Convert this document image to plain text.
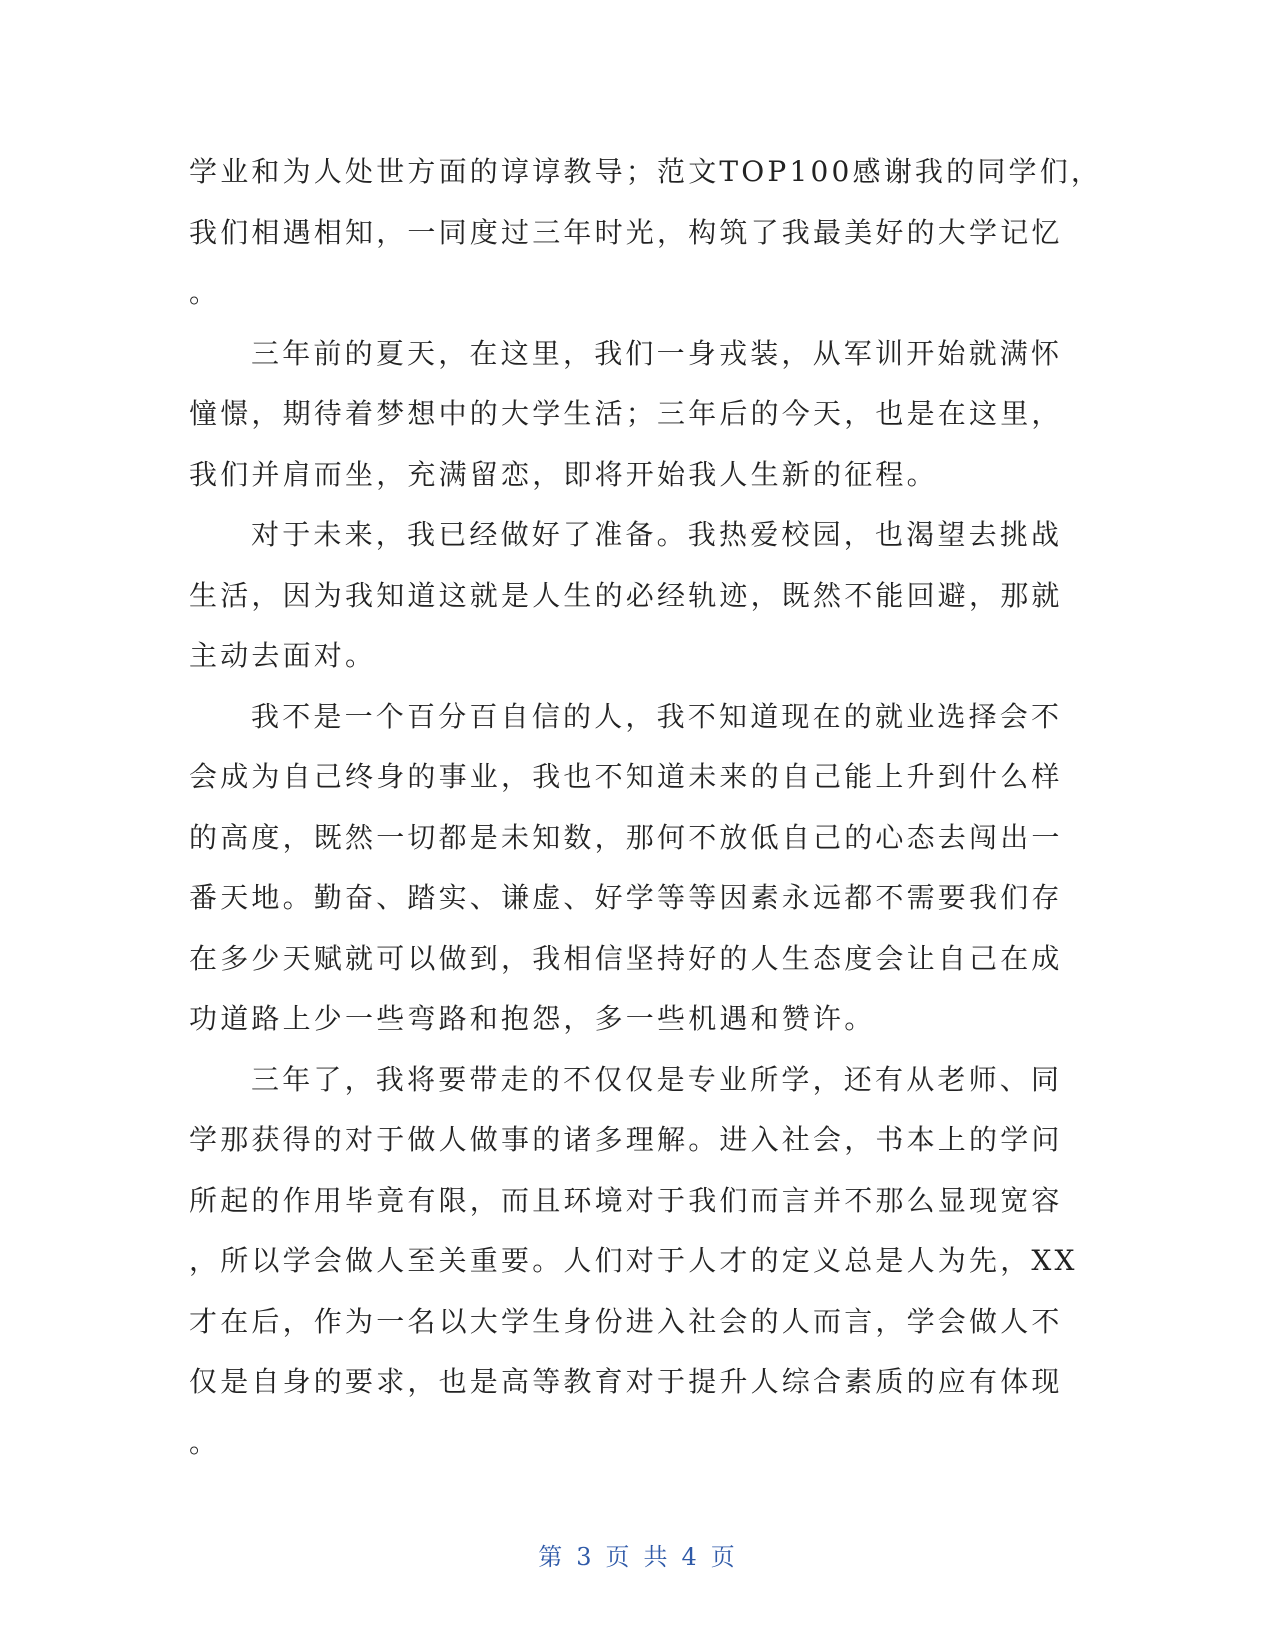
学业和为人处世方面的谆谆教导；范文TOP100感谢我的同学们，
我们相遇相知，一同度过三年时光，构筑了我最美好的大学记忆
。
三年前的夏天，在这里，我们一身戎装，从军训开始就满怀
憧憬，期待着梦想中的大学生活；三年后的今天，也是在这里，
我们并肩而坐，充满留恋，即将开始我人生新的征程。
对于未来，我已经做好了准备。我热爱校园，也渴望去挑战
生活，因为我知道这就是人生的必经轨迹，既然不能回避，那就
主动去面对。
我不是一个百分百自信的人，我不知道现在的就业选择会不
会成为自己终身的事业，我也不知道未来的自己能上升到什么样
的高度，既然一切都是未知数，那何不放低自己的心态去闯出一
番天地。勤奋、踏实、谦虚、好学等等因素永远都不需要我们存
在多少天赋就可以做到，我相信坚持好的人生态度会让自己在成
功道路上少一些弯路和抱怨，多一些机遇和赞许。
三年了，我将要带走的不仅仅是专业所学，还有从老师、同
学那获得的对于做人做事的诸多理解。进入社会，书本上的学问
所起的作用毕竟有限，而且环境对于我们而言并不那么显现宽容
，所以学会做人至关重要。人们对于人才的定义总是人为先，XX
才在后，作为一名以大学生身份进入社会的人而言，学会做人不
仅是自身的要求，也是高等教育对于提升人综合素质的应有体现
。
第 3 页 共 4 页
